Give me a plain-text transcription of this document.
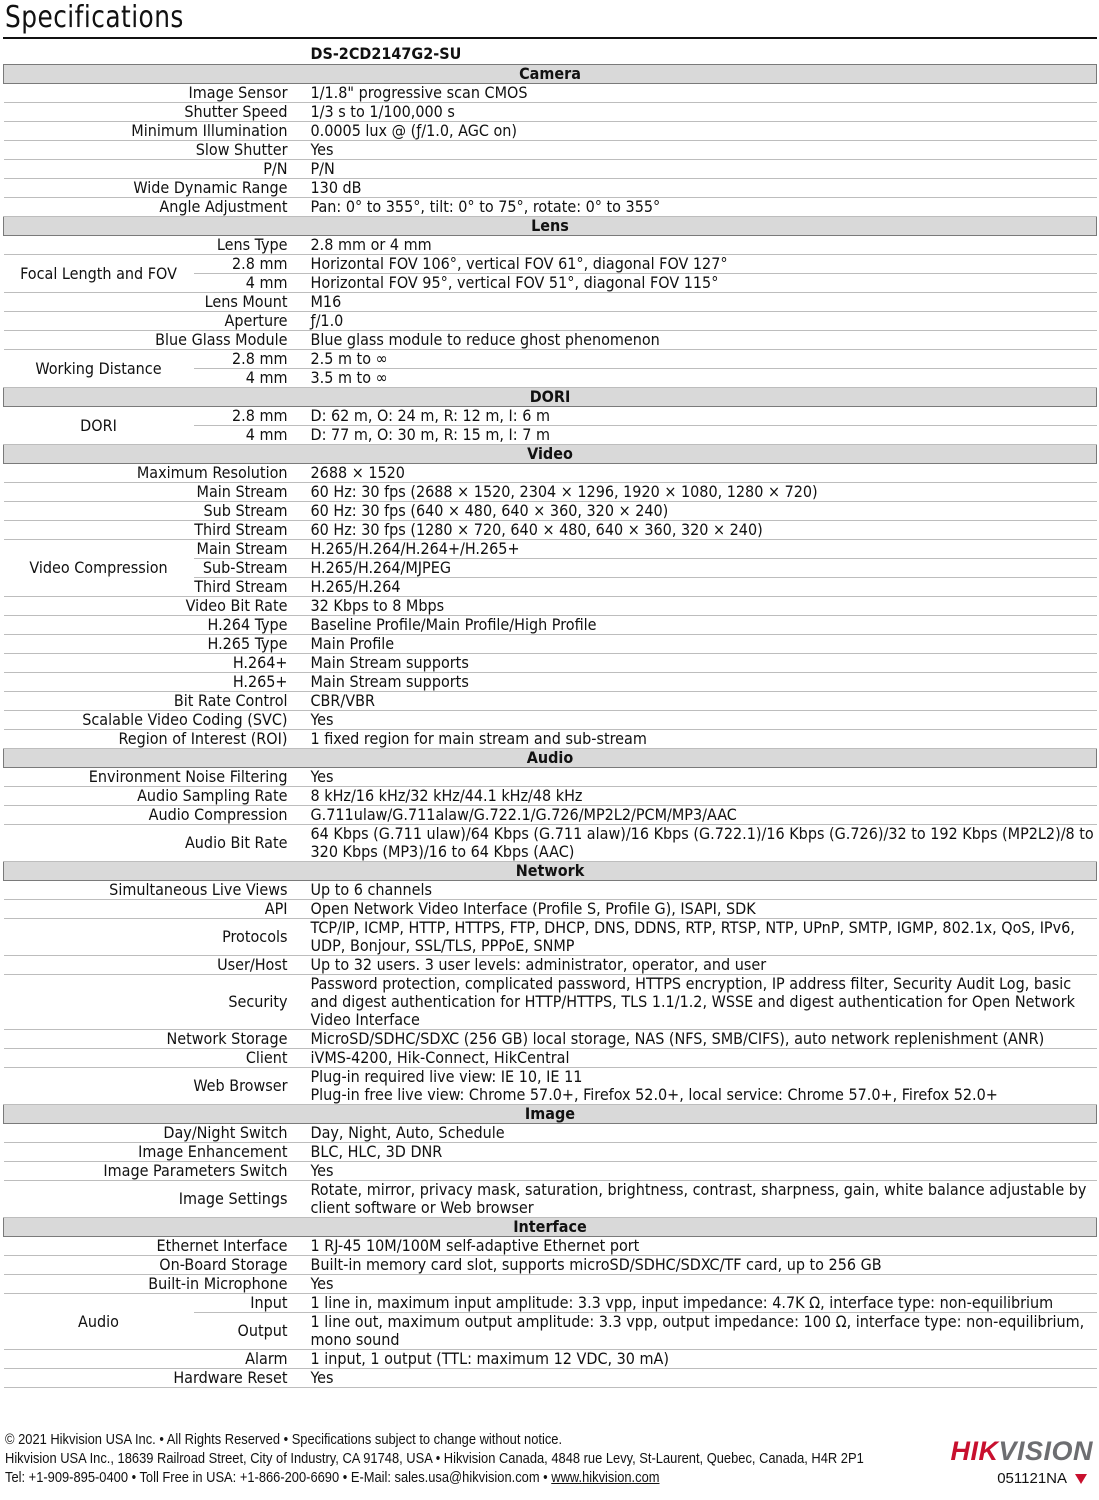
Specifications
		DS-2CD2147G2-SU
Camera		
Image Sensor		1/1.8" progressive scan CMOS

Shutter Speed		1/3 s to 1/100,000 s

Minimum Illumination		0.0005 lux @ (ƒ/1.0, AGC on)

Slow Shutter		Yes

P/N		P/N

Wide Dynamic Range		130 dB

Angle Adjustment		Pan: 0° to 355°, tilt: 0° to 75°, rotate: 0° to 355°

Lens		
Lens Type		2.8 mm or 4 mm

Focal Length and FOV	2.8 mm	Horizontal FOV 106°, vertical FOV 61°, diagonal FOV 127°
	4 mm	Horizontal FOV 95°, vertical FOV 51°, diagonal FOV 115°
Lens Mount		M16

Aperture		ƒ/1.0

Blue Glass Module		Blue glass module to reduce ghost phenomenon

Working Distance	2.8 mm	2.5 m to ∞
	4 mm	3.5 m to ∞
DORI		
DORI	2.8 mm	D: 62 m, O: 24 m, R: 12 m, I: 6 m
	4 mm	D: 77 m, O: 30 m, R: 15 m, I: 7 m
Video		
Maximum Resolution		2688 × 1520

Main Stream		60 Hz: 30 fps (2688 × 1520, 2304 × 1296, 1920 × 1080, 1280 × 720)

Sub Stream		60 Hz: 30 fps (640 × 480, 640 × 360, 320 × 240)

Third Stream		60 Hz: 30 fps (1280 × 720, 640 × 480, 640 × 360, 320 × 240)

Video Compression	Main Stream	H.265/H.264/H.264+/H.265+
	Sub-Stream	H.265/H.264/MJPEG
	Third Stream	H.265/H.264
Video Bit Rate		32 Kbps to 8 Mbps

H.264 Type		Baseline Profile/Main Profile/High Profile

H.265 Type		Main Profile

H.264+		Main Stream supports

H.265+		Main Stream supports

Bit Rate Control		CBR/VBR

Scalable Video Coding (SVC)		Yes

Region of Interest (ROI)		1 fixed region for main stream and sub-stream

Audio		
Environment Noise Filtering		Yes

Audio Sampling Rate		8 kHz/16 kHz/32 kHz/44.1 kHz/48 kHz

Audio Compression		G.711ulaw/G.711alaw/G.722.1/G.726/MP2L2/PCM/MP3/AAC

Audio Bit Rate		64 Kbps (G.711 ulaw)/64 Kbps (G.711 alaw)/16 Kbps (G.722.1)/16 Kbps (G.726)/32 to 192 Kbps (MP2L2)/8 to 320 Kbps (MP3)/16 to 64 Kbps (AAC)

Network		
Simultaneous Live Views		Up to 6 channels

API		Open Network Video Interface (Profile S, Profile G), ISAPI, SDK

Protocols		TCP/IP, ICMP, HTTP, HTTPS, FTP, DHCP, DNS, DDNS, RTP, RTSP, NTP, UPnP, SMTP, IGMP, 802.1x, QoS, IPv6, UDP, Bonjour, SSL/TLS, PPPoE, SNMP

User/Host		Up to 32 users. 3 user levels: administrator, operator, and user

Security		Password protection, complicated password, HTTPS encryption, IP address filter, Security Audit Log, basic and digest authentication for HTTP/HTTPS, TLS 1.1/1.2, WSSE and digest authentication for Open Network Video Interface

Network Storage		MicroSD/SDHC/SDXC (256 GB) local storage, NAS (NFS, SMB/CIFS), auto network replenishment (ANR)

Client		iVMS-4200, Hik-Connect, HikCentral

Web Browser		Plug-in required live view: IE 10, IE 11
Plug-in free live view: Chrome 57.0+, Firefox 52.0+, local service: Chrome 57.0+, Firefox 52.0+

Image		
Day/Night Switch		Day, Night, Auto, Schedule

Image Enhancement		BLC, HLC, 3D DNR

Image Parameters Switch		Yes

Image Settings		Rotate, mirror, privacy mask, saturation, brightness, contrast, sharpness, gain, white balance adjustable by client software or Web browser

Interface		
Ethernet Interface		1 RJ-45 10M/100M self-adaptive Ethernet port

On-Board Storage		Built-in memory card slot, supports microSD/SDHC/SDXC/TF card, up to 256 GB

Built-in Microphone		Yes

Audio	Input	1 line in, maximum input amplitude: 3.3 vpp, input impedance: 4.7K Ω, interface type: non-equilibrium
	Output	1 line out, maximum output amplitude: 3.3 vpp, output impedance: 100 Ω, interface type: non-equilibrium, mono sound
Alarm		1 input, 1 output (TTL: maximum 12 VDC, 30 mA)

Hardware Reset		Yes
© 2021 Hikvision USA Inc. • All Rights Reserved • Specifications subject to change without notice.
Hikvision USA Inc., 18639 Railroad Street, City of Industry, CA 91748, USA • Hikvision Canada, 4848 rue Levy, St-Laurent, Quebec, Canada, H4R 2P1
Tel: +1-909-895-0400 • Toll Free in USA: +1-866-200-6690 • E-Mail: sales.usa@hikvision.com • www.hikvision.com
HIKVISION
051121NA
